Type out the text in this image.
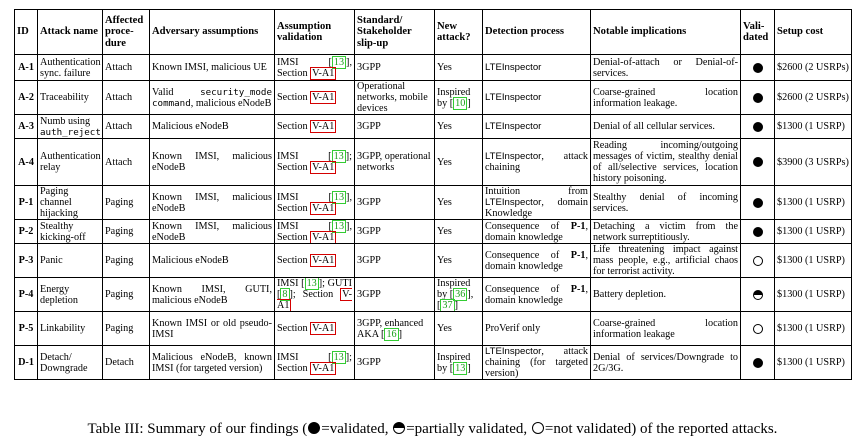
ID	Attack name	Affected proce-dure	Adversary assumptions	Assumption validation	Standard/ Stakeholder slip-up	New attack?	Detection process	Notable implications	Vali-dated	Setup cost
A-1	Authentication sync. failure	Attach	Known IMSI, malicious UE	IMSI [ 13 ], Section V-A1	3GPP	Yes	LTEInspector	Denial-of-attach or Denial-of-services.		$2600 (2 USRPs)
A-2	Traceability	Attach	Valid security_mode command, malicious eNodeB	Section V-A1	Operational networks, mobile devices	Inspired by [ 10 ]	LTEInspector	Coarse-grained location information leakage.		$2600 (2 USRPs)
A-3	Numb using auth_reject	Attach	Malicious eNodeB	Section V-A1	3GPP	Yes	LTEInspector	Denial of all cellular services.		$1300 (1 USRP)
A-4	Authentication relay	Attach	Known IMSI, malicious eNodeB	IMSI [ 13 ]; Section V-A1	3GPP, operational networks	Yes	LTEInspector, attack chaining	Reading incoming/outgoing messages of victim, stealthy denial of all/selective services, location history poisoning.		$3900 (3 USRPs)
P-1	Paging channel hijacking	Paging	Known IMSI, malicious eNodeB	IMSI [ 13 ], Section V-A1	3GPP	Yes	Intuition from LTEInspector, domain Knowledge	Stealthy denial of incoming services.		$1300 (1 USRP)
P-2	Stealthy kicking-off	Paging	Known IMSI, malicious eNodeB	IMSI [ 13 ], Section V-A1	3GPP	Yes	Consequence of P-1, domain knowledge	Detaching a victim from the network surreptitiously.		$1300 (1 USRP)
P-3	Panic	Paging	Malicious eNodeB	Section V-A1	3GPP	Yes	Consequence of P-1, domain knowledge	Life threatening impact against mass people, e.g., artificial chaos for terrorist activity.		$1300 (1 USRP)
P-4	Energy depletion	Paging	Known IMSI, GUTI, malicious eNodeB	IMSI [ 13 ]; GUTI [ 8 ]; Section V-A1	3GPP	Inspired by [ 36 ], [ 37 ]	Consequence of P-1, domain knowledge	Battery depletion.		$1300 (1 USRP)
P-5	Linkability	Paging	Known IMSI or old pseudo-IMSI	Section V-A1	3GPP, enhanced AKA [ 16 ]	Yes	ProVerif only	Coarse-grained location information leakage		$1300 (1 USRP)
D-1	Detach/ Downgrade	Detach	Malicious eNodeB, known IMSI (for targeted version)	IMSI [ 13 ]; Section V-A1	3GPP	Inspired by [ 13 ]	LTEInspector, attack chaining (for targeted version)	Denial of services/Downgrade to 2G/3G.		$1300 (1 USRP)
Table III: Summary of our findings ( =validated, =partially validated, =not validated) of the reported attacks.
